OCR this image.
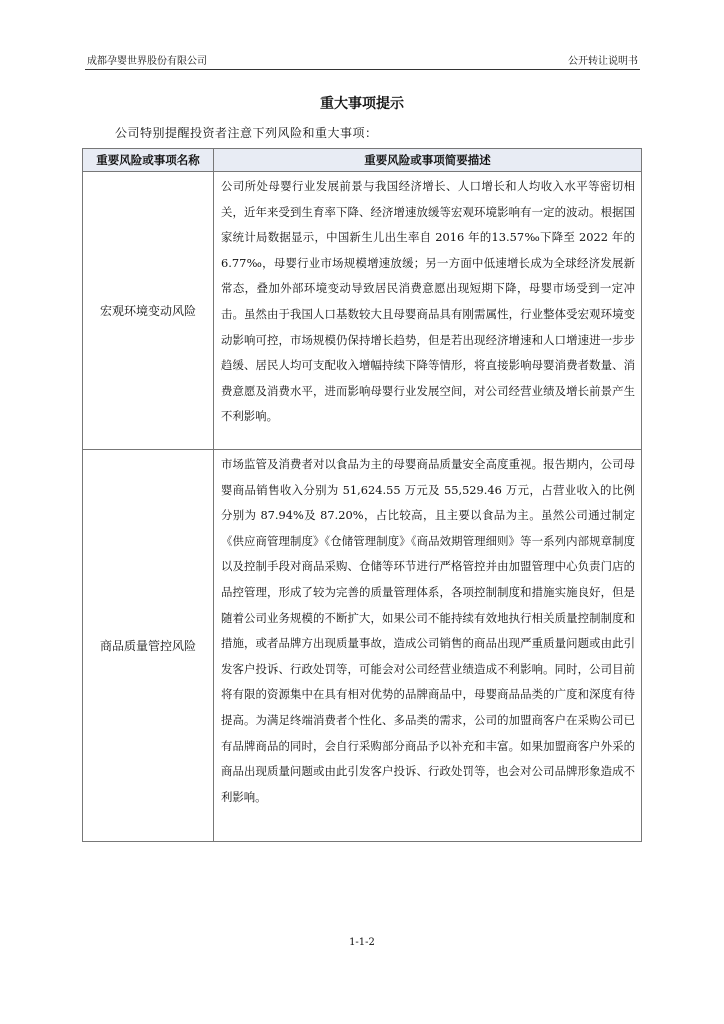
成都孕婴世界股份有限公司	公开转让说明书
重大事项提示
公司特别提醒投资者注意下列风险和重大事项：
重要风险或事项名称	重要风险或事项简要描述
宏观环境变动风险	公司所处母婴行业发展前景与我国经济增长、人口增长和人均收入水平等密切相关，近年来受到生育率下降、经济增速放缓等宏观环境影响有一定的波动。根据国家统计局数据显示，中国新生儿出生率自 2016 年的13.57‰下降至 2022 年的 6.77‰，母婴行业市场规模增速放缓；另一方面中低速增长成为全球经济发展新常态，叠加外部环境变动导致居民消费意愿出现短期下降，母婴市场受到一定冲击。虽然由于我国人口基数较大且母婴商品具有刚需属性，行业整体受宏观环境变动影响可控，市场规模仍保持增长趋势，但是若出现经济增速和人口增速进一步步趋缓、居民人均可支配收入增幅持续下降等情形，将直接影响母婴消费者数量、消费意愿及消费水平，进而影响母婴行业发展空间，对公司经营业绩及增长前景产生不利影响。
商品质量管控风险	市场监管及消费者对以食品为主的母婴商品质量安全高度重视。报告期内，公司母婴商品销售收入分别为 51,624.55 万元及 55,529.46 万元，占营业收入的比例分别为 87.94%及 87.20%，占比较高，且主要以食品为主。虽然公司通过制定《供应商管理制度》《仓储管理制度》《商品效期管理细则》等一系列内部规章制度以及控制手段对商品采购、仓储等环节进行严格管控并由加盟管理中心负责门店的品控管理，形成了较为完善的质量管理体系，各项控制制度和措施实施良好，但是随着公司业务规模的不断扩大，如果公司不能持续有效地执行相关质量控制制度和措施，或者品牌方出现质量事故，造成公司销售的商品出现严重质量问题或由此引发客户投诉、行政处罚等，可能会对公司经营业绩造成不利影响。同时，公司目前将有限的资源集中在具有相对优势的品牌商品中，母婴商品品类的广度和深度有待提高。为满足终端消费者个性化、多品类的需求，公司的加盟商客户在采购公司已有品牌商品的同时，会自行采购部分商品予以补充和丰富。如果加盟商客户外采的商品出现质量问题或由此引发客户投诉、行政处罚等，也会对公司品牌形象造成不利影响。
1-1-2
